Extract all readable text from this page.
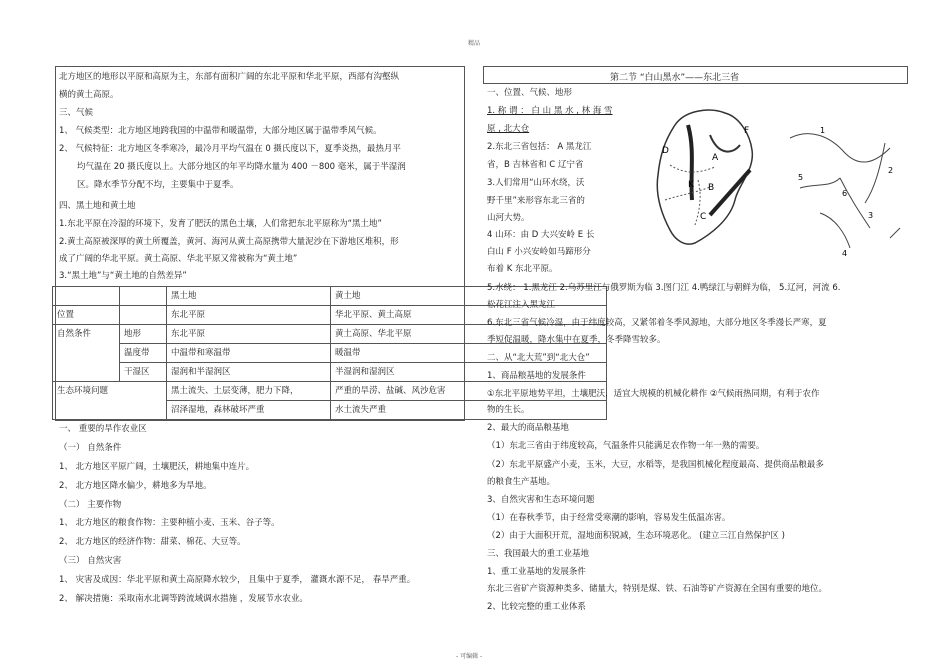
精品
- 可编辑 -
北方地区的地形以平原和高原为主，东部有面积广阔的东北平原和华北平原，西部有沟壑纵
横的黄土高原。
三、气候
1、 气候类型：北方地区地跨我国的中温带和暖温带，大部分地区属于温带季风气候。
2、 气候特征：北方地区冬季寒冷，最冷月平均气温在 0 摄氏度以下，夏季炎热，最热月平
均气温在 20 摄氏度以上。大部分地区的年平均降水量为 400 －800 毫米，属于半湿润
区。降水季节分配不均，主要集中于夏季。
四、黑土地和黄土地
1.东北平原在冷湿的环境下，发育了肥沃的黑色土壤，人们常把东北平原称为“黑土地”
2.黄土高原被深厚的黄土所覆盖，黄河、海河从黄土高原携带大量泥沙在下游地区堆积，形
成了广阔的华北平原。黄土高原、华北平原又常被称为“黄土地”
3.“黑土地”与“黄土地的自然差异”
		黑土地	黄土地
位置		东北平原	华北平原、黄土高原
自然条件	地形	东北平原	黄土高原、华北平原
	温度带	中温带和寒温带	暖温带
	干湿区	湿润和半湿润区	半湿润和湿润区
生态环境问题		黑土流失、土层变薄，肥力下降，	严重的旱涝、盐碱、风沙危害
		沼泽湿地，森林破坏严重	水土流失严重
一、 重要的旱作农业区
（一） 自然条件
1、 北方地区平原广阔，土壤肥沃，耕地集中连片。
2、 北方地区降水偏少，耕地多为旱地。
（二） 主要作物
1、 北方地区的粮食作物：主要种植小麦、玉米、谷子等。
2、 北方地区的经济作物：甜菜、棉花、大豆等。
（三） 自然灾害
1、 灾害及成因：华北平原和黄土高原降水较少， 且集中于夏季， 灌溉水源不足， 春旱严重。
2、 解决措施：采取南水北调等跨流域调水措施 ，发展节水农业。
第二节 “白山黑水”——东北三省
一、位置、气候、地形
1. 称 谓 ： 白 山 黑 水 , 林 海 雪
原 , 北大仓
2.东北三省包括： A 黑龙江
省，B 吉林省和 C 辽宁省
3.人们常用“山环水绕，沃
野千里”来形容东北三省的
山河大势。
4 山环：由 D 大兴安岭 E 长
白山 F 小兴安岭如马蹄形分
布着 K 东北平原。
5.水绕： 1.黑龙江 2.乌苏里江与俄罗斯为临 3.图门江 4.鸭绿江与朝鲜为临， 5.辽河，河流 6.
松花江注入黑龙江
6.东北三省气候冷湿，由于纬度较高，又紧邻着冬季风源地，大部分地区冬季漫长严寒，夏
季短促温暖，降水集中在夏季，冬季降雪较多。
二、从“北大荒”到“北大仓”
1、商品粮基地的发展条件
①东北平原地势平坦，土壤肥沃，适宜大规模的机械化耕作 ②气候雨热同期，有利于农作
物的生长。
2、最大的商品粮基地
（1）东北三省由于纬度较高，气温条件只能满足农作物一年一熟的需要。
（2）东北平原盛产小麦，玉米，大豆，水稻等，是我国机械化程度最高、提供商品粮最多
的粮食生产基地。
3、自然灾害和生态环境问题
（1）在春秋季节，由于经常受寒潮的影响，容易发生低温冻害。
（2）由于大面积开荒，湿地面积锐减，生态环境恶化。 (建立三江自然保护区 )
三、我国最大的重工业基地
1、重工业基地的发展条件
东北三省矿产资源种类多、储量大，特别是煤、铁、石油等矿产资源在全国有重要的地位。
2、比较完整的重工业体系
F
D
A
B
K
C
1
2
3
4
5
6
